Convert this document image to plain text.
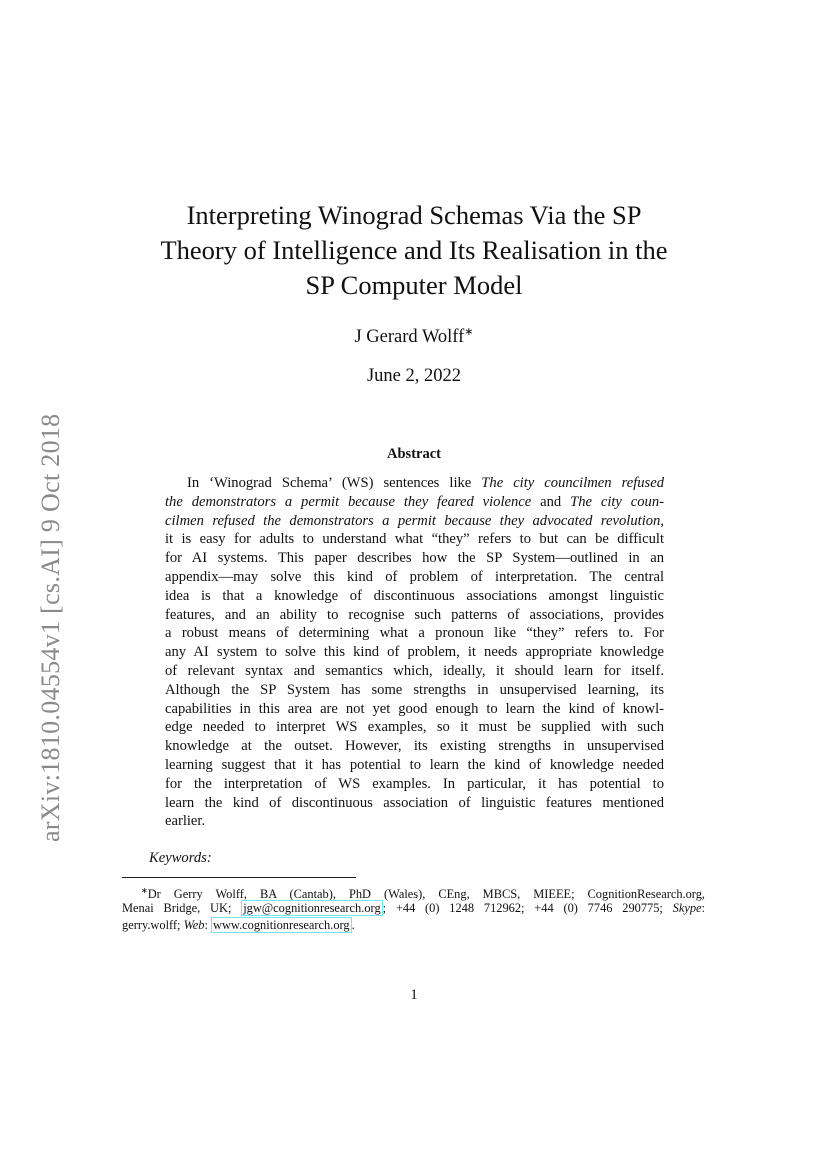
arXiv:1810.04554v1 [cs.AI] 9 Oct 2018
Interpreting Winograd Schemas Via the SP
Theory of Intelligence and Its Realisation in the
SP Computer Model
J Gerard Wolff∗
June 2, 2022
Abstract
In ‘Winograd Schema’ (WS) sentences like The city councilmen refused
the demonstrators a permit because they feared violence and The city coun-
cilmen refused the demonstrators a permit because they advocated revolution,
it is easy for adults to understand what “they” refers to but can be difficult
for AI systems. This paper describes how the SP System—outlined in an
appendix—may solve this kind of problem of interpretation. The central
idea is that a knowledge of discontinuous associations amongst linguistic
features, and an ability to recognise such patterns of associations, provides
a robust means of determining what a pronoun like “they” refers to. For
any AI system to solve this kind of problem, it needs appropriate knowledge
of relevant syntax and semantics which, ideally, it should learn for itself.
Although the SP System has some strengths in unsupervised learning, its
capabilities in this area are not yet good enough to learn the kind of knowl-
edge needed to interpret WS examples, so it must be supplied with such
knowledge at the outset. However, its existing strengths in unsupervised
learning suggest that it has potential to learn the kind of knowledge needed
for the interpretation of WS examples. In particular, it has potential to
learn the kind of discontinuous association of linguistic features mentioned
earlier.
Keywords:
∗Dr Gerry Wolff, BA (Cantab), PhD (Wales), CEng, MBCS, MIEEE; CognitionResearch.org,
Menai Bridge, UK; jgw@cognitionresearch.org ; +44 (0) 1248 712962; +44 (0) 7746 290775; Skype:
gerry.wolff; Web: www.cognitionresearch.org .
1
